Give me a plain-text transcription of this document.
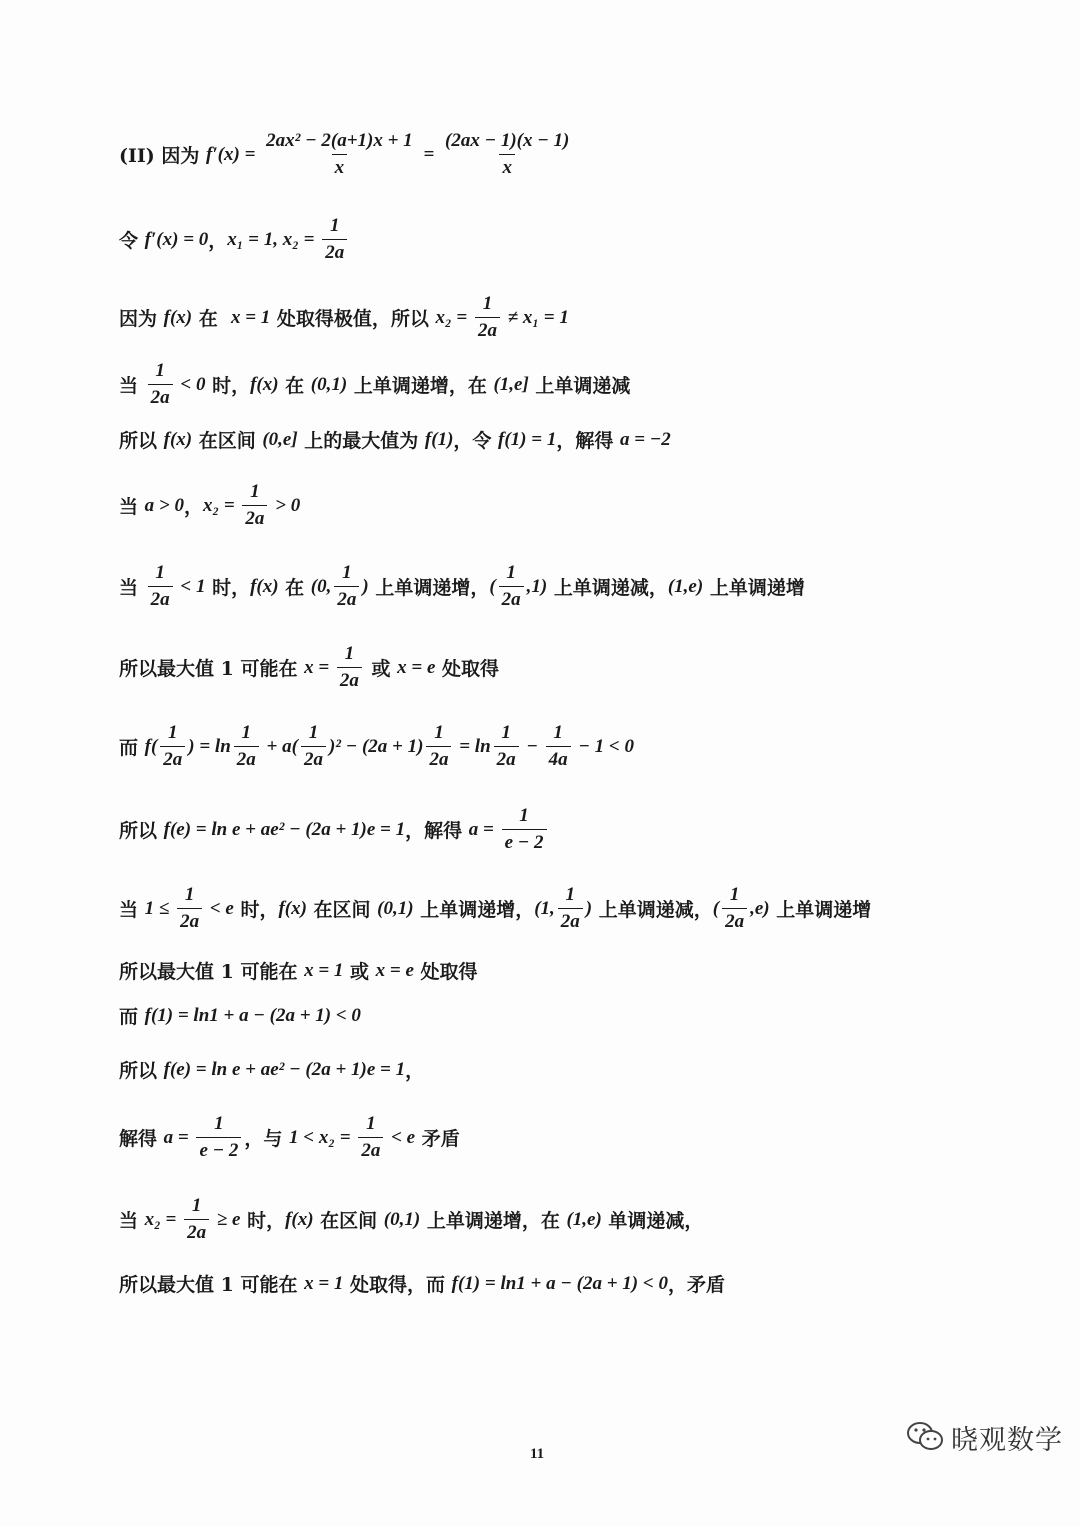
(II) 因为 $f'(x) = \frac{\text{2ax² − 2(a+1)x + 1}}{x} = \frac{(2ax - 1)(x - 1)}{x}$
令 f′(x) = 0 ， x₁ = 1, $x_2 = \frac{1}{2a}$
因为 f(x) 在 x = 1 处取得极值，所以 $x_2 = \frac{1}{2a} \ne x_1 = 1$
当 $\frac{1}{2a} < 0$ 时， f(x) 在 (0,1) 上单调递增，在 (1,e] 上单调递减
所以 f(x) 在区间 (0,e] 上的最大值为 f(1) ，令 f(1) = 1 ，解得 a = −2
当 a > 0 ， $x_2 = \frac{1}{2a} > 0$
当 $\frac{1}{2a} < 1$ 时， f(x) 在 (0, $\frac{1}{2a}$ ) 上单调递增， ( $\frac{1}{2a} ,1$) 上单调递减， (1,e) 上单调递增
所以最大值 1 可能在 $x = \frac{1}{2a}$ 或 x = e 处取得
而 $f( \frac{1}{2a}$ ) = $\ln \frac{1}{2a} + a( \frac{1}{2a} )^2 - (2a + 1) \frac{1}{2a} = \ln \frac{1}{2a} - \frac{1}{4a} - 1 < 0$
所以 f(e) = ln e + ae² − (2a + 1)e = 1 ，解得 $a = \frac{1}{e - 2}$
当 $1 \le \frac{1}{2a} < e$ 时， f(x) 在区间 (0,1) 上单调递增， (1, $\frac{1}{2a}$ ) 上单调递减， ( $\frac{1}{2a} ,e$) 上单调递增
所以最大值 1 可能在 x = 1 或 x = e 处取得
而 f(1) = ln1 + a − (2a + 1) < 0
所以 f(e) = ln e + ae² − (2a + 1)e = 1 ，
解得 $a = \frac{1}{e - 2}$ ，与 $1 < x_2 = \frac{1}{2a} < e$ 矛盾
当 $x_2 = \frac{1}{2a} \ge e$ 时， f(x) 在区间 (0,1) 上单调递增，在 (1,e) 单调递减，
所以最大值 1 可能在 x = 1 处取得，而 f(1) = ln1 + a − (2a + 1) < 0 ，矛盾
11	晓观数学
